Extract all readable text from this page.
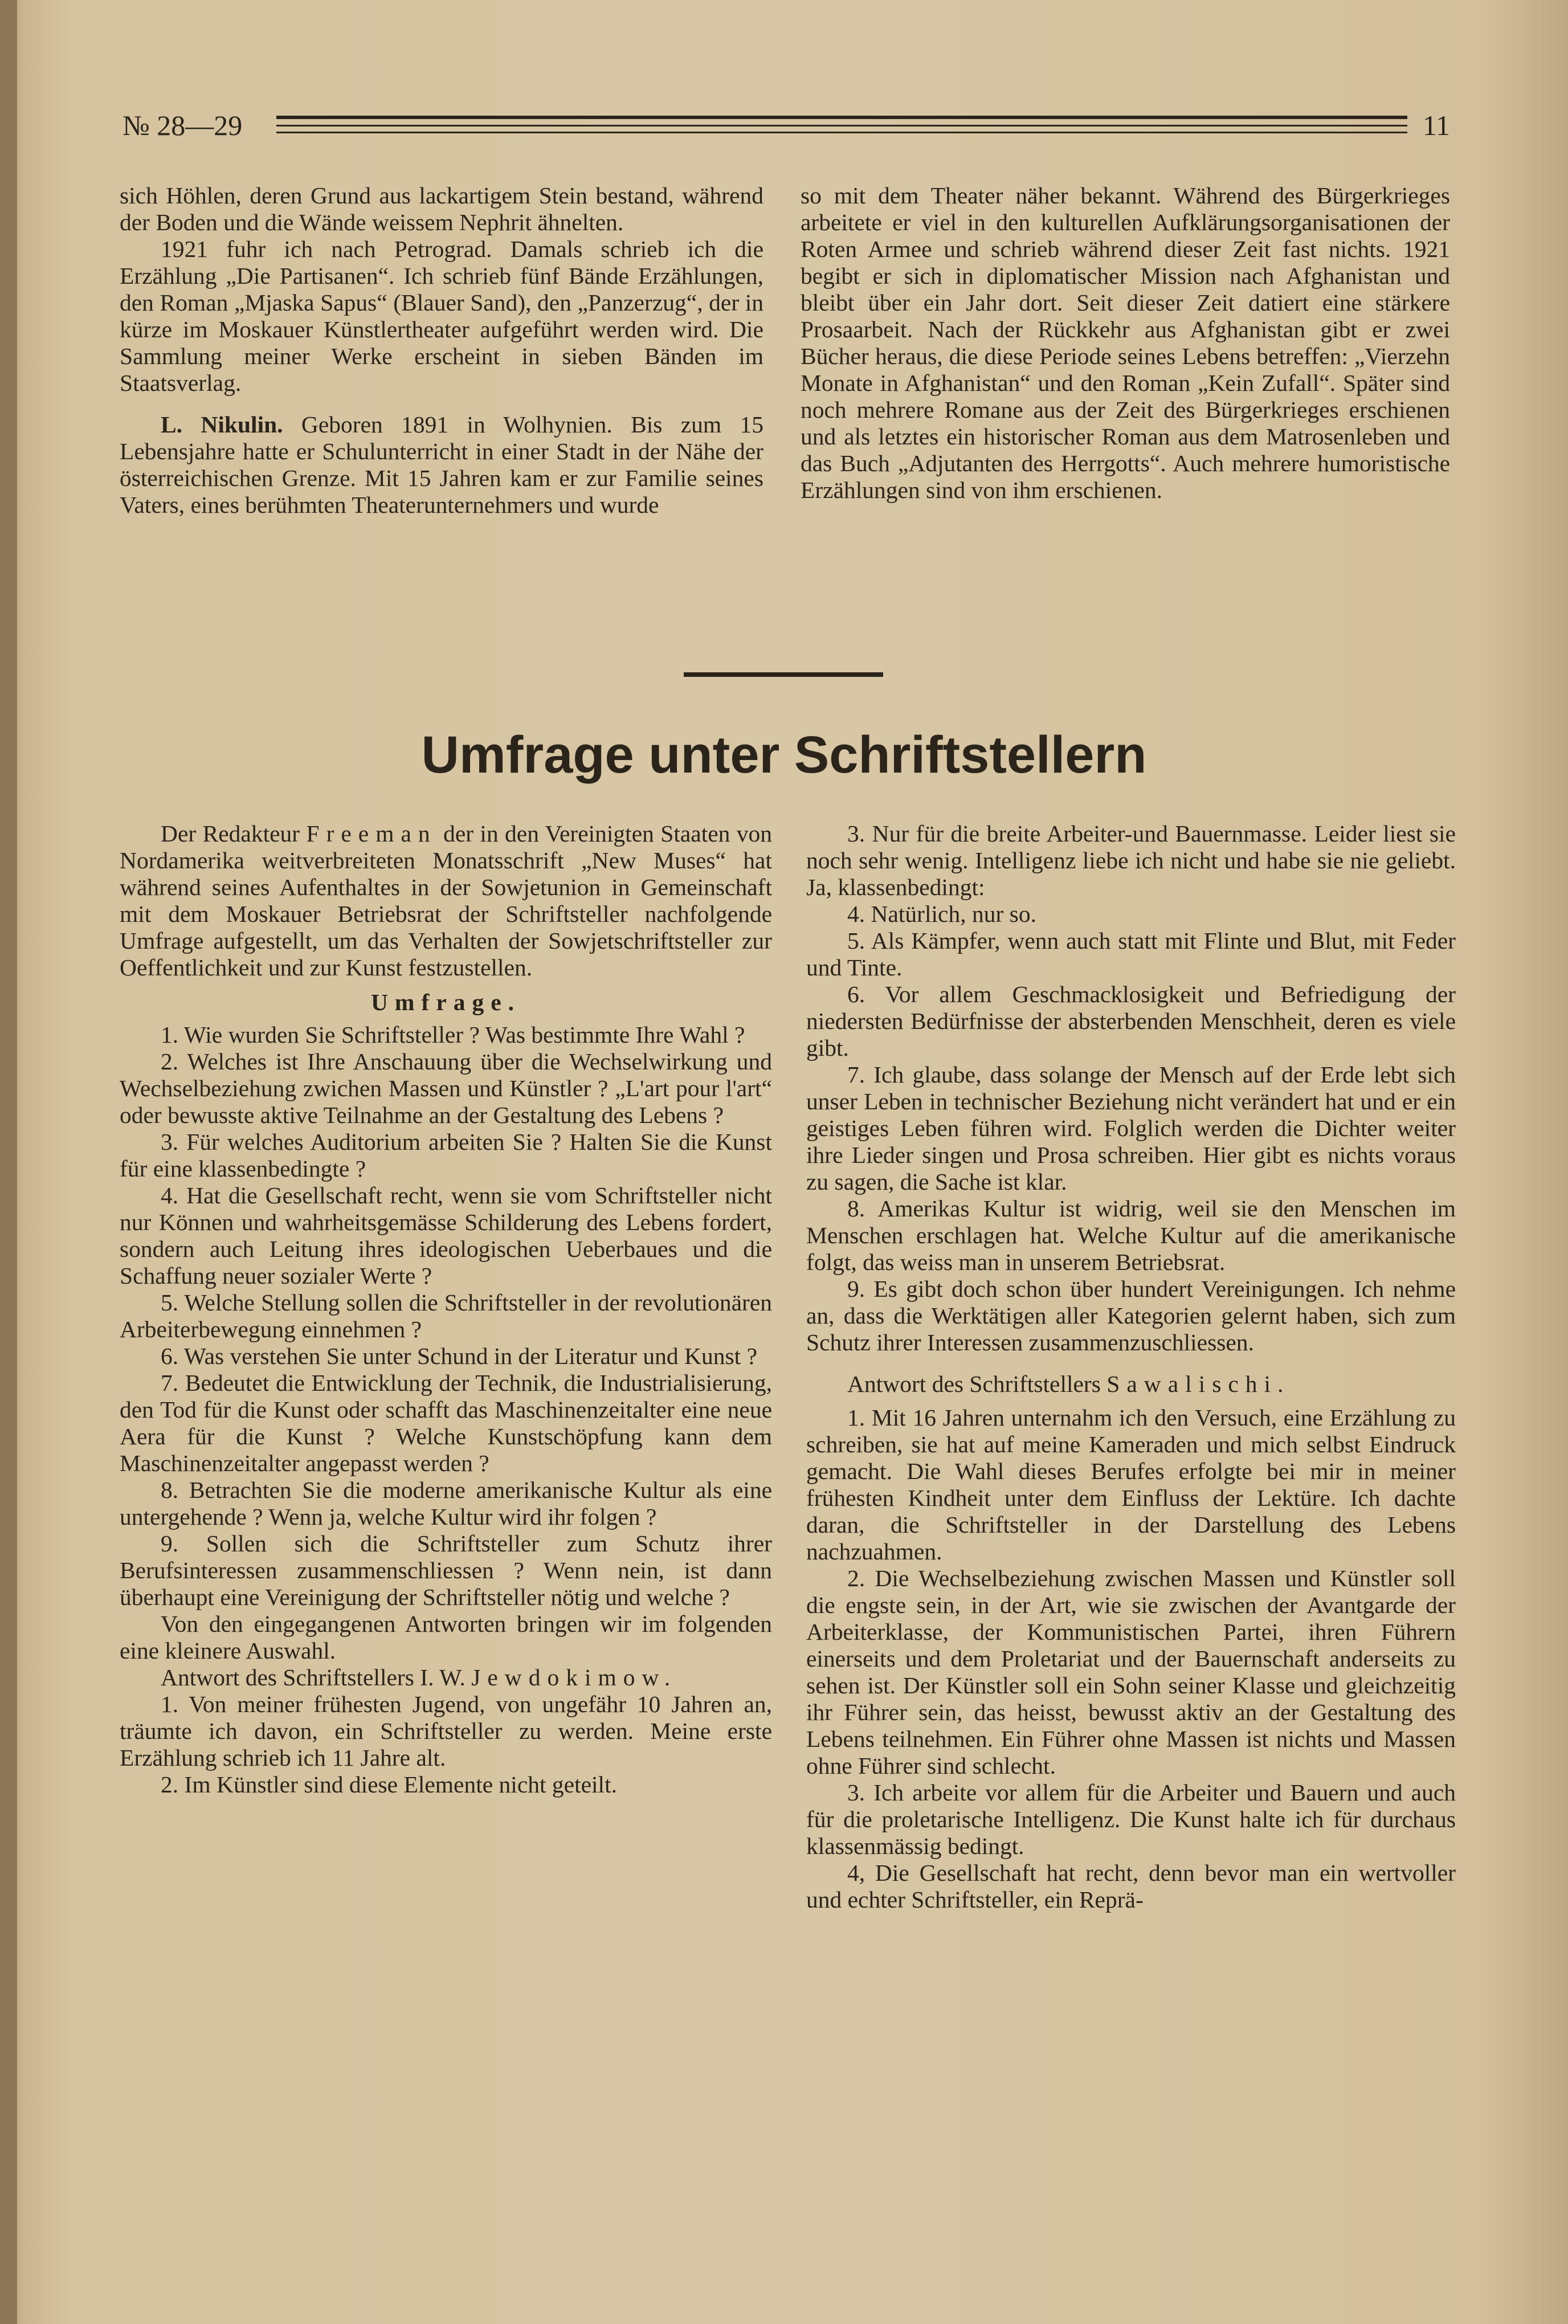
№ 28—29	11

sich Höhlen, deren Grund aus lackartigem Stein bestand, während der Boden und die Wände weissem Nephrit ähnelten.

1921 fuhr ich nach Petrograd. Damals schrieb ich die Erzählung „Die Partisanen“. Ich schrieb fünf Bände Erzählungen, den Roman „Mjaska Sapus“ (Blauer Sand), den „Panzerzug“, der in kürze im Moskauer Künstlertheater aufgeführt werden wird. Die Sammlung meiner Werke erscheint in sieben Bänden im Staatsverlag.

L. Nikulin. Geboren 1891 in Wolhynien. Bis zum 15 Lebensjahre hatte er Schulunterricht in einer Stadt in der Nähe der österreichischen Grenze. Mit 15 Jahren kam er zur Familie seines Vaters, eines berühmten Theaterunternehmers und wurde

so mit dem Theater näher bekannt. Während des Bürgerkrieges arbeitete er viel in den kulturellen Aufklärungsorganisationen der Roten Armee und schrieb während dieser Zeit fast nichts. 1921 begibt er sich in diplomatischer Mission nach Afghanistan und bleibt über ein Jahr dort. Seit dieser Zeit datiert eine stärkere Prosaarbeit. Nach der Rückkehr aus Afghanistan gibt er zwei Bücher heraus, die diese Periode seines Lebens betreffen: „Vierzehn Monate in Afghanistan“ und den Roman „Kein Zufall“. Später sind noch mehrere Romane aus der Zeit des Bürgerkrieges erschienen und als letztes ein historischer Roman aus dem Matrosenleben und das Buch „Adjutanten des Herrgotts“. Auch mehrere humoristische Erzählungen sind von ihm erschienen.

Umfrage unter Schriftstellern

Der Redakteur Freeman der in den Vereinigten Staaten von Nordamerika weitverbreiteten Monatsschrift „New Muses“ hat während seines Aufenthaltes in der Sowjetunion in Gemeinschaft mit dem Moskauer Betriebsrat der Schriftsteller nachfolgende Umfrage aufgestellt, um das Verhalten der Sowjetschriftsteller zur Oeffentlichkeit und zur Kunst festzustellen.

Umfrage.

1. Wie wurden Sie Schriftsteller ? Was bestimmte Ihre Wahl ?

2. Welches ist Ihre Anschauung über die Wechselwirkung und Wechselbeziehung zwichen Massen und Künstler ? „L'art pour l'art“ oder bewusste aktive Teilnahme an der Gestaltung des Lebens ?

3. Für welches Auditorium arbeiten Sie ? Halten Sie die Kunst für eine klassenbedingte ?

4. Hat die Gesellschaft recht, wenn sie vom Schriftsteller nicht nur Können und wahrheitsgemässe Schilderung des Lebens fordert, sondern auch Leitung ihres ideologischen Ueberbaues und die Schaffung neuer sozialer Werte ?

5. Welche Stellung sollen die Schriftsteller in der revolutionären Arbeiterbewegung einnehmen ?

6. Was verstehen Sie unter Schund in der Literatur und Kunst ?

7. Bedeutet die Entwicklung der Technik, die Industrialisierung, den Tod für die Kunst oder schafft das Maschinenzeitalter eine neue Aera für die Kunst ? Welche Kunstschöpfung kann dem Maschinenzeitalter angepasst werden ?

8. Betrachten Sie die moderne amerikanische Kultur als eine untergehende ? Wenn ja, welche Kultur wird ihr folgen ?

9. Sollen sich die Schriftsteller zum Schutz ihrer Berufsinteressen zusammenschliessen ? Wenn nein, ist dann überhaupt eine Vereinigung der Schriftsteller nötig und welche ?

Von den eingegangenen Antworten bringen wir im folgenden eine kleinere Auswahl.

Antwort des Schriftstellers I. W. Jewdokimow.

1. Von meiner frühesten Jugend, von ungefähr 10 Jahren an, träumte ich davon, ein Schriftsteller zu werden. Meine erste Erzählung schrieb ich 11 Jahre alt.

2. Im Künstler sind diese Elemente nicht geteilt.

3. Nur für die breite Arbeiter-und Bauernmasse. Leider liest sie noch sehr wenig. Intelligenz liebe ich nicht und habe sie nie geliebt. Ja, klassenbedingt:

4. Natürlich, nur so.

5. Als Kämpfer, wenn auch statt mit Flinte und Blut, mit Feder und Tinte.

6. Vor allem Geschmacklosigkeit und Befriedigung der niedersten Bedürfnisse der absterbenden Menschheit, deren es viele gibt.

7. Ich glaube, dass solange der Mensch auf der Erde lebt sich unser Leben in technischer Beziehung nicht verändert hat und er ein geistiges Leben führen wird. Folglich werden die Dichter weiter ihre Lieder singen und Prosa schreiben. Hier gibt es nichts voraus zu sagen, die Sache ist klar.

8. Amerikas Kultur ist widrig, weil sie den Menschen im Menschen erschlagen hat. Welche Kultur auf die amerikanische folgt, das weiss man in unserem Betriebsrat.

9. Es gibt doch schon über hundert Vereinigungen. Ich nehme an, dass die Werktätigen aller Kategorien gelernt haben, sich zum Schutz ihrer Interessen zusammenzuschliessen.

Antwort des Schriftstellers Sawalischi.

1. Mit 16 Jahren unternahm ich den Versuch, eine Erzählung zu schreiben, sie hat auf meine Kameraden und mich selbst Eindruck gemacht. Die Wahl dieses Berufes erfolgte bei mir in meiner frühesten Kindheit unter dem Einfluss der Lektüre. Ich dachte daran, die Schriftsteller in der Darstellung des Lebens nachzuahmen.

2. Die Wechselbeziehung zwischen Massen und Künstler soll die engste sein, in der Art, wie sie zwischen der Avantgarde der Arbeiterklasse, der Kommunistischen Partei, ihren Führern einerseits und dem Proletariat und der Bauernschaft anderseits zu sehen ist. Der Künstler soll ein Sohn seiner Klasse und gleichzeitig ihr Führer sein, das heisst, bewusst aktiv an der Gestaltung des Lebens teilnehmen. Ein Führer ohne Massen ist nichts und Massen ohne Führer sind schlecht.

3. Ich arbeite vor allem für die Arbeiter und Bauern und auch für die proletarische Intelligenz. Die Kunst halte ich für durchaus klassenmässig bedingt.

4, Die Gesellschaft hat recht, denn bevor man ein wertvoller und echter Schriftsteller, ein Reprä-
